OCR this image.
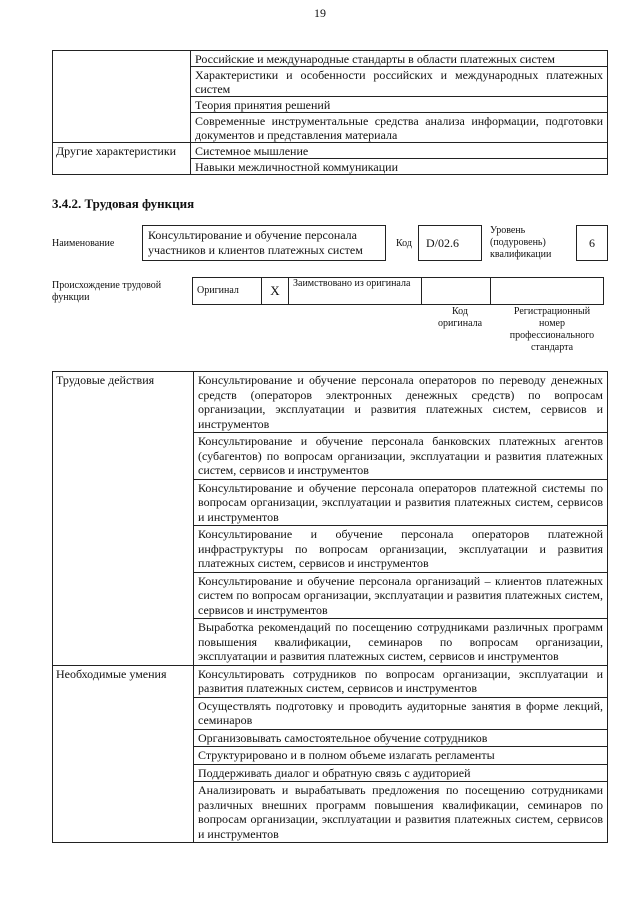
19
	Российские и международные стандарты в области платежных систем
	Характеристики и особенности российских и международных платежных систем
	Теория принятия решений
	Современные инструментальные средства анализа информации, подготовки документов и представления материала
Другие характеристики	Системное мышление
	Навыки межличностной коммуникации
3.4.2. Трудовая функция
Наименование
Консультирование и обучение персонала участников и клиентов платежных систем	Код	D/02.6
Уровень (подуровень) квалификации
6
Происхождение трудовой функции
Оригинал	X	Заимствовано из оригинала		
Код оригинала
Регистрационный номер профессионального стандарта
Трудовые действия	Консультирование и обучение персонала операторов по переводу денежных средств (операторов электронных денежных средств) по вопросам организации, эксплуатации и развития платежных систем, сервисов и инструментов
	Консультирование и обучение персонала банковских платежных агентов (субагентов) по вопросам организации, эксплуатации и развития платежных систем, сервисов и инструментов
	Консультирование и обучение персонала операторов платежной системы по вопросам организации, эксплуатации и развития платежных систем, сервисов и инструментов
	Консультирование и обучение персонала операторов платежной инфраструктуры по вопросам организации, эксплуатации и развития платежных систем, сервисов и инструментов
	Консультирование и обучение персонала организаций – клиентов платежных систем по вопросам организации, эксплуатации и развития платежных систем, сервисов и инструментов
	Выработка рекомендаций по посещению сотрудниками различных программ повышения квалификации, семинаров по вопросам организации, эксплуатации и развития платежных систем, сервисов и инструментов
Необходимые умения	Консультировать сотрудников по вопросам организации, эксплуатации и развития платежных систем, сервисов и инструментов
	Осуществлять подготовку и проводить аудиторные занятия в форме лекций, семинаров
	Организовывать самостоятельное обучение сотрудников
	Структурировано и в полном объеме излагать регламенты
	Поддерживать диалог и обратную связь с аудиторией
	Анализировать и вырабатывать предложения по посещению сотрудниками различных внешних программ повышения квалификации, семинаров по вопросам организации, эксплуатации и развития платежных систем, сервисов и инструментов
